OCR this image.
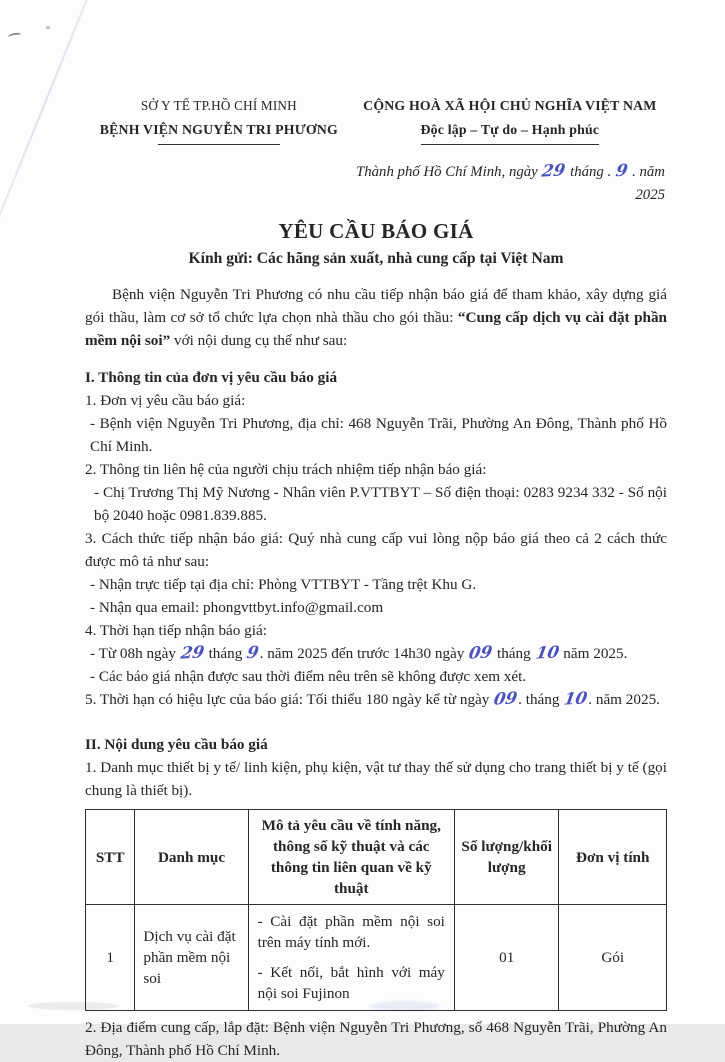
SỞ Y TẾ TP.HỒ CHÍ MINH
BỆNH VIỆN NGUYỄN TRI PHƯƠNG
CỘNG HOÀ XÃ HỘI CHỦ NGHĨA VIỆT NAM
Độc lập – Tự do – Hạnh phúc
Thành phố Hồ Chí Minh, ngày 29 tháng . 9 . năm 2025
YÊU CẦU BÁO GIÁ
Kính gửi: Các hãng sản xuất, nhà cung cấp tại Việt Nam
Bệnh viện Nguyễn Tri Phương có nhu cầu tiếp nhận báo giá để tham khảo, xây dựng giá gói thầu, làm cơ sở tổ chức lựa chọn nhà thầu cho gói thầu: “Cung cấp dịch vụ cài đặt phần mềm nội soi” với nội dung cụ thể như sau:
I. Thông tin của đơn vị yêu cầu báo giá
1. Đơn vị yêu cầu báo giá:
- Bệnh viện Nguyễn Tri Phương, địa chỉ: 468 Nguyễn Trãi, Phường An Đông, Thành phố Hồ Chí Minh.
2. Thông tin liên hệ của người chịu trách nhiệm tiếp nhận báo giá:
- Chị Trương Thị Mỹ Nương - Nhân viên P.VTTBYT – Số điện thoại: 0283 9234 332 - Số nội bộ 2040 hoặc 0981.839.885.
3. Cách thức tiếp nhận báo giá: Quý nhà cung cấp vui lòng nộp báo giá theo cả 2 cách thức được mô tả như sau:
- Nhận trực tiếp tại địa chỉ: Phòng VTTBYT - Tầng trệt Khu G.
- Nhận qua email: phongvttbyt.info@gmail.com
4. Thời hạn tiếp nhận báo giá:
- Từ 08h ngày 29 tháng 9. năm 2025 đến trước 14h30 ngày 09 tháng 10 năm 2025.
- Các báo giá nhận được sau thời điểm nêu trên sẽ không được xem xét.
5. Thời hạn có hiệu lực của báo giá: Tối thiểu 180 ngày kể từ ngày 09. tháng 10. năm 2025.
II. Nội dung yêu cầu báo giá
1. Danh mục thiết bị y tế/ linh kiện, phụ kiện, vật tư thay thế sử dụng cho trang thiết bị y tế (gọi chung là thiết bị).
STT	Danh mục	Mô tả yêu cầu về tính năng, thông số kỹ thuật và các thông tin liên quan về kỹ thuật	Số lượng/khối lượng	Đơn vị tính
1	Dịch vụ cài đặt phần mềm nội soi	- Cài đặt phần mềm nội soi trên máy tính mới.
- Kết nối, bắt hình với máy nội soi Fujinon	01	Gói
2. Địa điểm cung cấp, lắp đặt: Bệnh viện Nguyễn Tri Phương, số 468 Nguyễn Trãi, Phường An Đông, Thành phố Hồ Chí Minh.
